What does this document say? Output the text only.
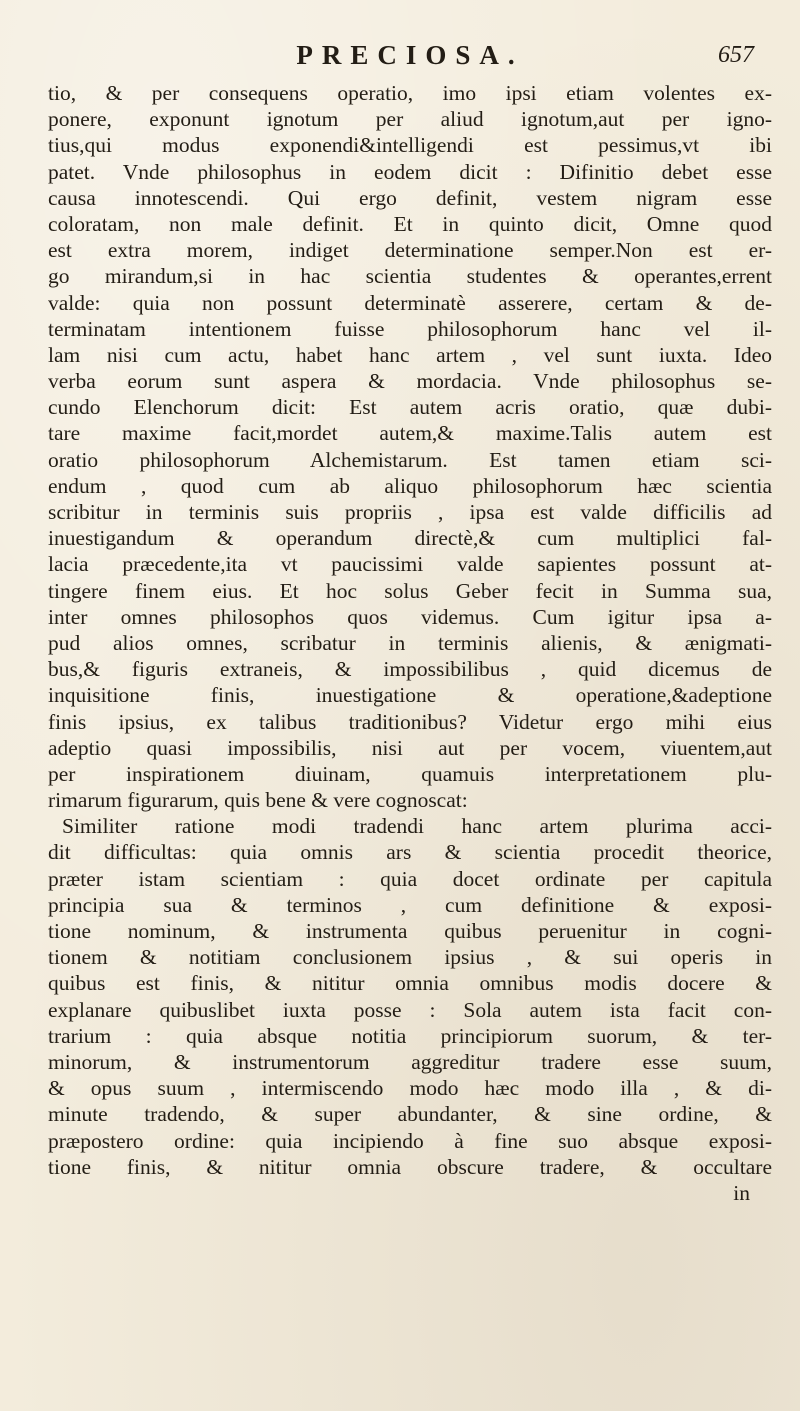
PRECIOSA.	657
tio, & per consequens operatio, imo ipsi etiam volentes ex-
ponere, exponunt ignotum per aliud ignotum,aut per igno-
tius,qui modus exponendi&intelligendi est pessimus,vt ibi
patet. Vnde philosophus in eodem dicit : Difinitio debet esse
causa innotescendi. Qui ergo definit, vestem nigram esse
coloratam, non male definit. Et in quinto dicit, Omne quod
est extra morem, indiget determinatione semper.Non est er-
go mirandum,si in hac scientia studentes & operantes,errent
valde: quia non possunt determinatè asserere, certam & de-
terminatam intentionem fuisse philosophorum hanc vel il-
lam nisi cum actu, habet hanc artem , vel sunt iuxta. Ideo
verba eorum sunt aspera & mordacia. Vnde philosophus se-
cundo Elenchorum dicit: Est autem acris oratio, quæ dubi-
tare maxime facit,mordet autem,& maxime.Talis autem est
oratio philosophorum Alchemistarum. Est tamen etiam sci-
endum , quod cum ab aliquo philosophorum hæc scientia
scribitur in terminis suis propriis , ipsa est valde difficilis ad
inuestigandum & operandum directè,& cum multiplici fal-
lacia præcedente,ita vt paucissimi valde sapientes possunt at-
tingere finem eius. Et hoc solus Geber fecit in Summa sua,
inter omnes philosophos quos videmus. Cum igitur ipsa a-
pud alios omnes, scribatur in terminis alienis, & ænigmati-
bus,& figuris extraneis, & impossibilibus , quid dicemus de
inquisitione finis, inuestigatione & operatione,&adeptione
finis ipsius, ex talibus traditionibus? Videtur ergo mihi eius
adeptio quasi impossibilis, nisi aut per vocem, viuentem,aut
per inspirationem diuinam, quamuis interpretationem plu-
rimarum figurarum, quis bene & vere cognoscat:
Similiter ratione modi tradendi hanc artem plurima acci-
dit difficultas: quia omnis ars & scientia procedit theorice,
præter istam scientiam : quia docet ordinate per capitula
principia sua & terminos , cum definitione & exposi-
tione nominum, & instrumenta quibus peruenitur in cogni-
tionem & notitiam conclusionem ipsius , & sui operis in
quibus est finis, & nititur omnia omnibus modis docere &
explanare quibuslibet iuxta posse : Sola autem ista facit con-
trarium : quia absque notitia principiorum suorum, & ter-
minorum, & instrumentorum aggreditur tradere esse suum,
& opus suum , intermiscendo modo hæc modo illa , & di-
minute tradendo, & super abundanter, & sine ordine, &
præpostero ordine: quia incipiendo à fine suo absque exposi-
tione finis, & nititur omnia obscure tradere, & occultare
in
